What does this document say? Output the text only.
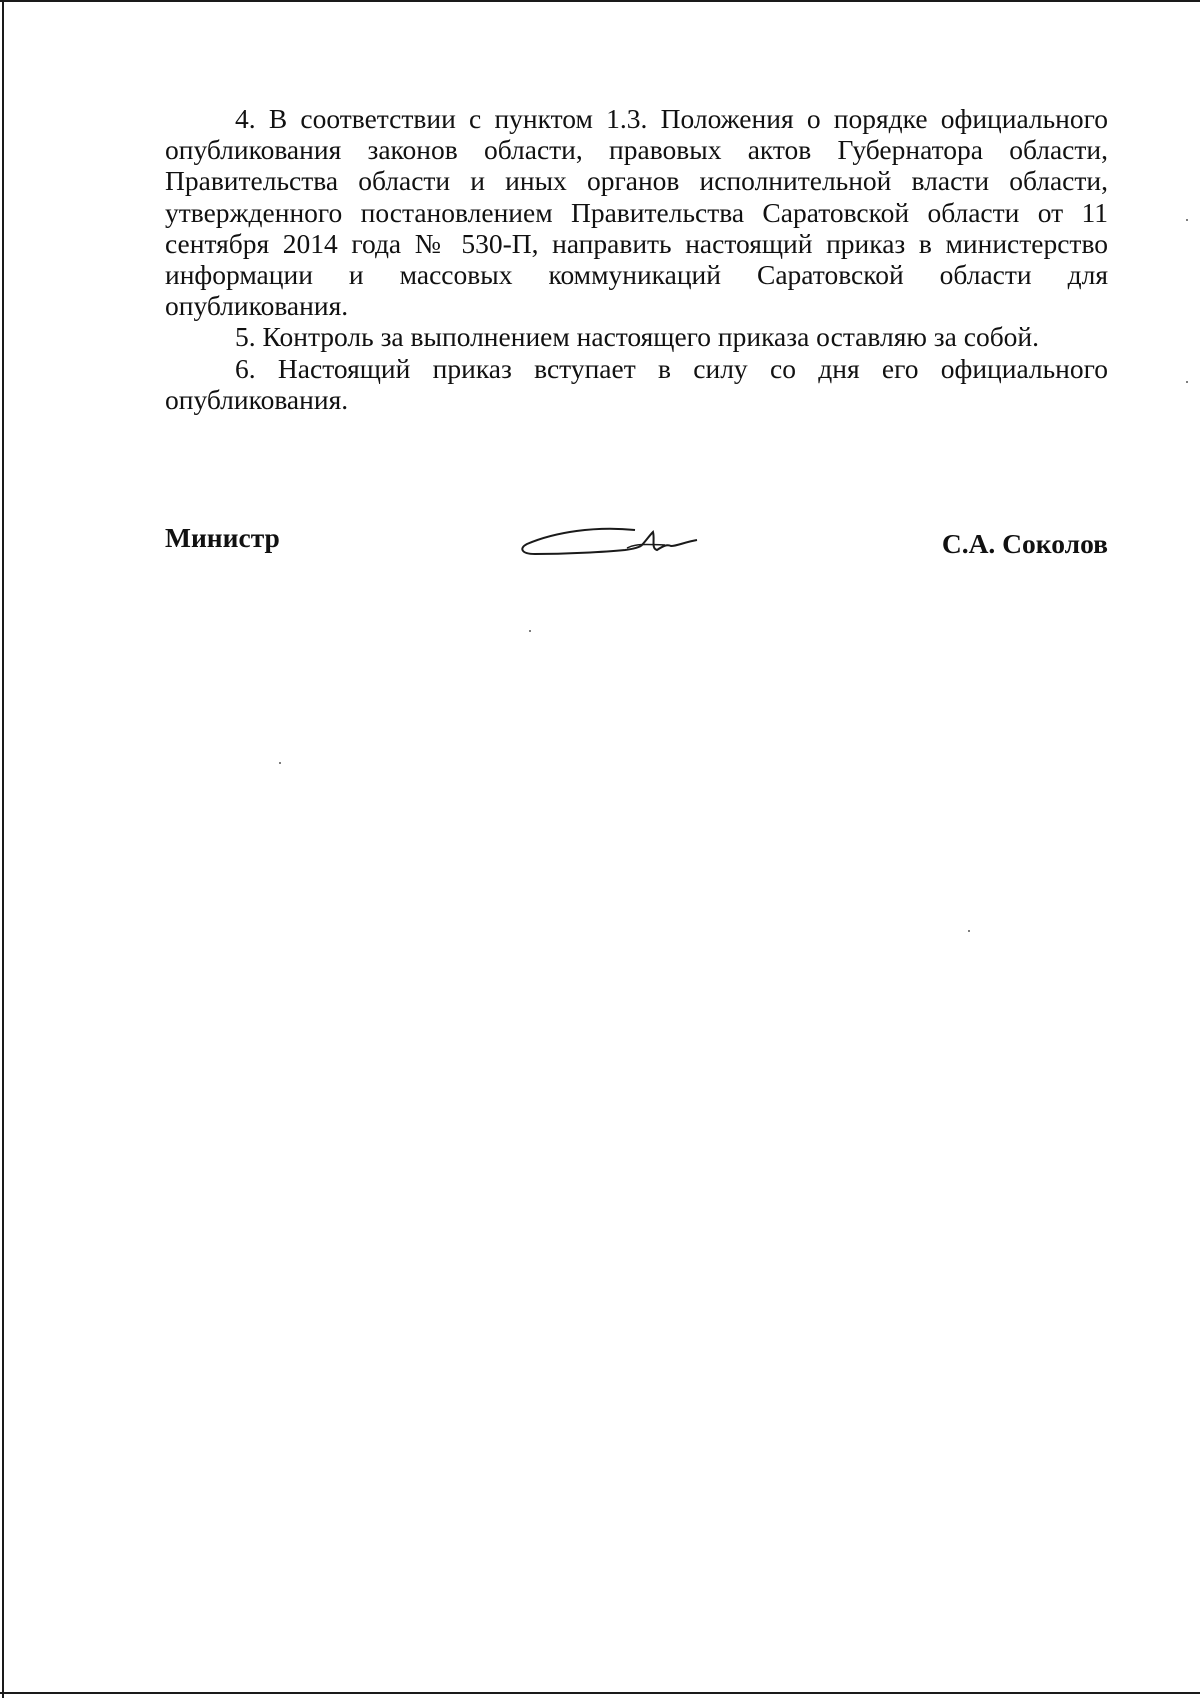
4. В соответствии с пунктом 1.3. Положения о порядке официального опубликования законов области, правовых актов Губернатора области, Правительства области и иных органов исполнительной власти области, утвержденного постановлением Правительства Саратовской области от 11 сентября 2014 года № 530-П, направить настоящий приказ в министерство информации и массовых коммуникаций Саратовской области для опубликования.

5. Контроль за выполнением настоящего приказа оставляю за собой.

6. Настоящий приказ вступает в силу со дня его официального опубликования.

Министр	С.А. Соколов
